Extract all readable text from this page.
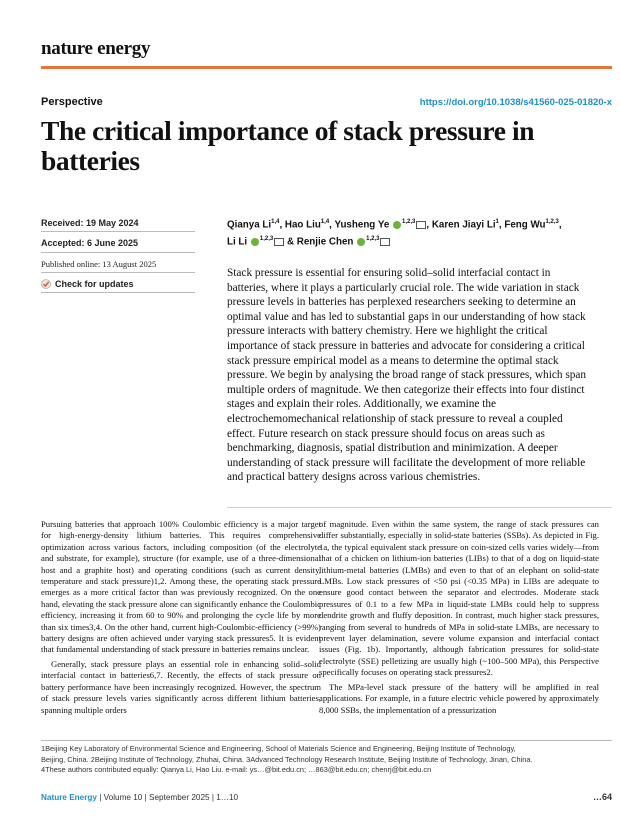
nature energy
Perspective	https://doi.org/10.1038/s41560-025-01820-x
The critical importance of stack pressure in batteries
Received: 19 May 2024
Accepted: 6 June 2025
Published online: 13 August 2025
Check for updates
Qianya Li$^{1,4}$, Hao Liu$^{1,4}$, Yusheng Ye $^{1,2,3}$ , Karen Jiayi Li$^1$, Feng Wu$^{1,2,3}$,
Li Li $^{1,2,3}$ & Renjie Chen $^{1,2,3}$
Stack pressure is essential for ensuring solid–solid interfacial contact in batteries, where it plays a particularly crucial role. The wide variation in stack pressure levels in batteries has perplexed researchers seeking to determine an optimal value and has led to substantial gaps in our understanding of how stack pressure interacts with battery chemistry. Here we highlight the critical importance of stack pressure in batteries and advocate for considering a critical stack pressure empirical model as a means to determine the optimal stack pressure. We begin by analysing the broad range of stack pressures, which span multiple orders of magnitude. We then categorize their effects into four distinct stages and explain their roles. Additionally, we examine the electrochemomechanical relationship of stack pressure to reveal a coupled effect. Future research on stack pressure should focus on areas such as benchmarking, diagnosis, spatial distribution and minimization. A deeper understanding of stack pressure will facilitate the development of more reliable and practical battery designs across various chemistries.

Pursuing batteries that approach 100% Coulombic efficiency is a major target for high-energy-density lithium batteries. This requires comprehensive optimization across various factors, including composition (of the electrolyte and substrate, for example), structure (for example, use of a three-dimensional host and a graphite host) and operating conditions (such as current density, temperature and stack pressure)1,2. Among these, the operating stack pressure emerges as a more critical factor than was previously recognized. On the one hand, elevating the stack pressure alone can significantly enhance the Coulombic efficiency, increasing it from 60 to 90% and prolonging the cycle life by more than six times3,4. On the other hand, current high-Coulombic-efficiency (>99%) battery designs are often achieved under varying stack pressures5. It is evident that fundamental understanding of stack pressure in batteries remains unclear.

Generally, stack pressure plays an essential role in enhancing solid–solid interfacial contact in batteries6,7. Recently, the effects of stack pressure on battery performance have been increasingly recognized. However, the spectrum of stack pressure levels varies significantly across different lithium batteries, spanning multiple orders

of magnitude. Even within the same system, the range of stack pressures can differ substantially, especially in solid-state batteries (SSBs). As depicted in Fig. 1a, the typical equivalent stack pressure on coin-sized cells varies widely—from that of a chicken on lithium-ion batteries (LIBs) to that of a dog on liquid-state lithium-metal batteries (LMBs) and even to that of an elephant on solid-state LMBs. Low stack pressures of <50 psi (<0.35 MPa) in LIBs are adequate to ensure good contact between the separator and electrodes. Moderate stack pressures of 0.1 to a few MPa in liquid-state LMBs could help to suppress dendrite growth and fluffy deposition. In contrast, much higher stack pressures, ranging from several to hundreds of MPa in solid-state LMBs, are necessary to prevent layer delamination, severe volume expansion and interfacial contact issues (Fig. 1b). Importantly, although fabrication pressures for solid-state electrolyte (SSE) pelletizing are usually high (~100–500 MPa), this Perspective specifically focuses on operating stack pressures2.

The MPa-level stack pressure of the battery will be amplified in real applications. For example, in a future electric vehicle powered by approximately 8,000 SSBs, the implementation of a pressurization

1Beijing Key Laboratory of Environmental Science and Engineering, School of Materials Science and Engineering, Beijing Institute of Technology,
Beijing, China. 2Beijing Institute of Technology, Zhuhai, China. 3Advanced Technology Research Institute, Beijing Institute of Technology, Jinan, China.
4These authors contributed equally: Qianya Li, Hao Liu. e-mail: ys…@bit.edu.cn; …863@bit.edu.cn; chenrj@bit.edu.cn
Nature Energy | Volume 10 | September 2025 | 1…10	…64
